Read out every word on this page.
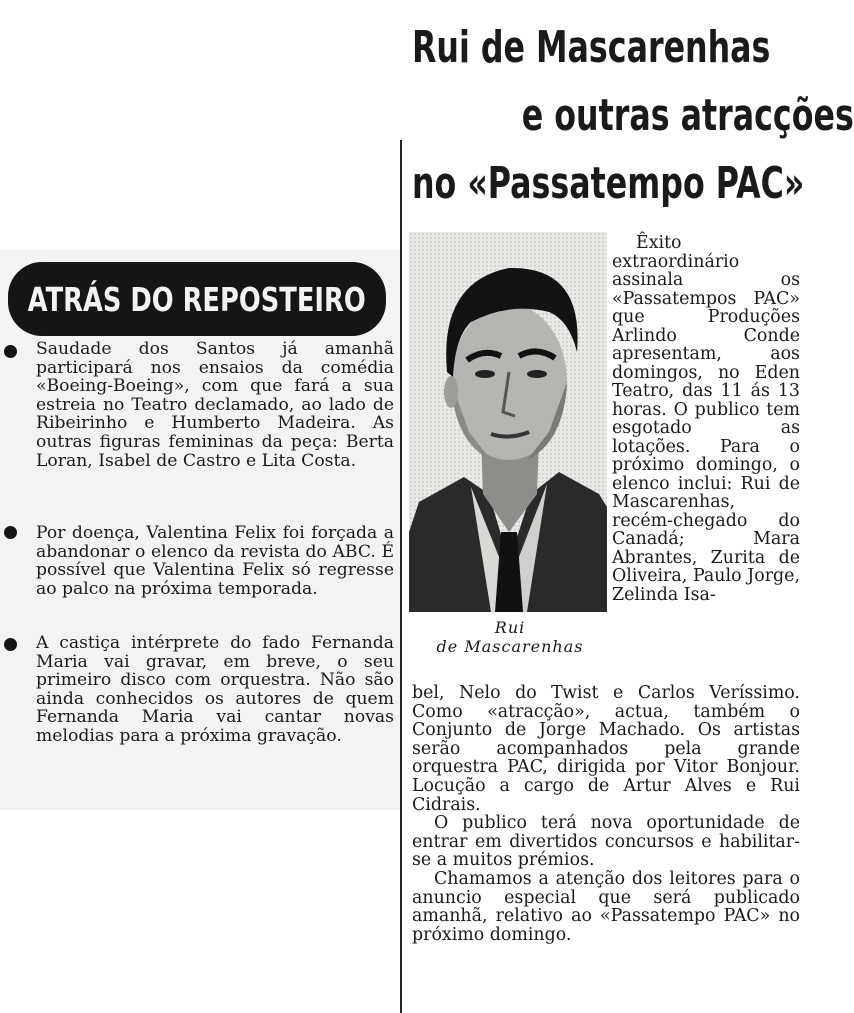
ATRÁS DO REPOSTEIRO

Saudade dos Santos já amanhã participará nos ensaios da comédia «Boeing-Boeing», com que fará a sua estreia no Teatro declamado, ao lado de Ribeirinho e Humberto Madeira. As outras figuras femininas da peça: Berta Loran, Isabel de Castro e Lita Costa.

Por doença, Valentina Felix foi forçada a abandonar o elenco da revista do ABC. É possível que Valentina Felix só regresse ao palco na próxima temporada.

A castiça intérprete do fado Fernanda Maria vai gravar, em breve, o seu primeiro disco com orquestra. Não são ainda conhecidos os autores de quem Fernanda Maria vai cantar novas melodias para a próxima gravação.

Rui de Mascarenhas
e outras atracções
no «Passatempo PAC»
Rui
de Mascarenhas

Êxito extraordinário assinala os «Passatempos PAC» que Produções Arlindo Conde apresentam, aos domingos, no Eden Teatro, das 11 ás 13 horas. O publico tem esgotado as lotações. Para o próximo domingo, o elenco inclui: Rui de Mascarenhas, recém-chegado do Canadá; Mara Abrantes, Zurita de Oliveira, Paulo Jorge, Zelinda Isa-

bel, Nelo do Twist e Carlos Veríssimo. Como «atracção», actua, também o Conjunto de Jorge Machado. Os artistas serão acompanhados pela grande orquestra PAC, dirigida por Vitor Bonjour. Locução a cargo de Artur Alves e Rui Cidrais.

O publico terá nova oportunidade de entrar em divertidos concursos e habilitar-se a muitos prémios.

Chamamos a atenção dos leitores para o anuncio especial que será publicado amanhã, relativo ao «Passatempo PAC» no próximo domingo.
